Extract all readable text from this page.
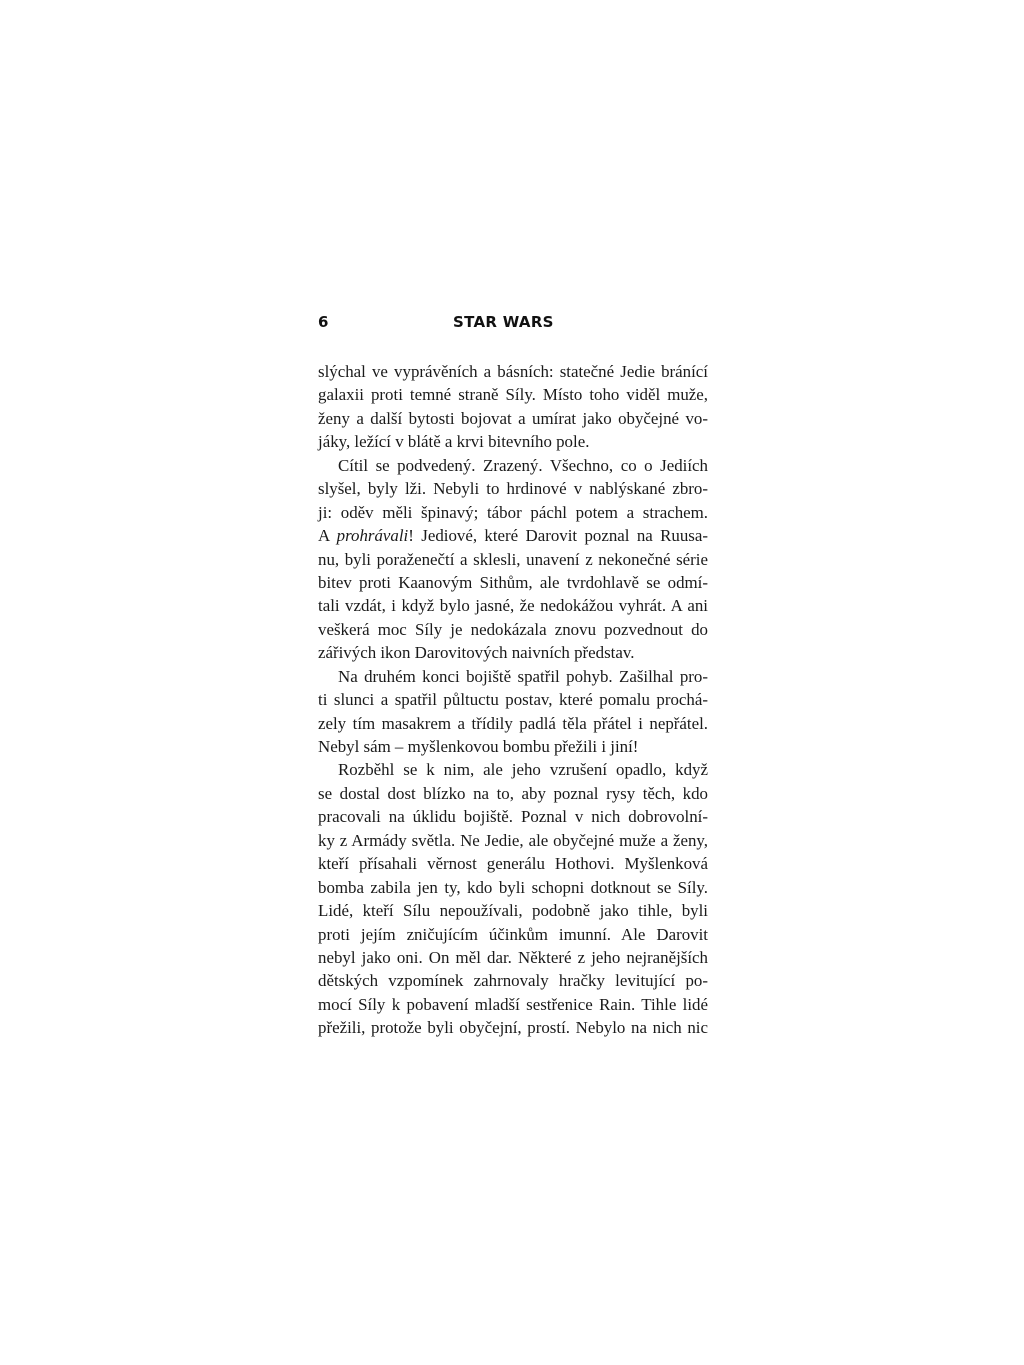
6	STAR WARS
slýchal ve vyprávěních a básních: statečné Jedie bránící
galaxii proti temné straně Síly. Místo toho viděl muže,
ženy a další bytosti bojovat a umírat jako obyčejné vo-
jáky, ležící v blátě a krvi bitevního pole.
Cítil se podvedený. Zrazený. Všechno, co o Jediích
slyšel, byly lži. Nebyli to hrdinové v nablýskané zbro-
ji: oděv měli špinavý; tábor páchl potem a strachem.
A prohrávali! Jediové, které Darovit poznal na Ruusa-
nu, byli poraženečtí a sklesli, unavení z nekonečné série
bitev proti Kaanovým Sithům, ale tvrdohlavě se odmí-
tali vzdát, i když bylo jasné, že nedokážou vyhrát. A ani
veškerá moc Síly je nedokázala znovu pozvednout do
zářivých ikon Darovitových naivních představ.
Na druhém konci bojiště spatřil pohyb. Zašilhal pro-
ti slunci a spatřil půltuctu postav, které pomalu prochá-
zely tím masakrem a třídily padlá těla přátel i nepřátel.
Nebyl sám – myšlenkovou bombu přežili i jiní!
Rozběhl se k nim, ale jeho vzrušení opadlo, když
se dostal dost blízko na to, aby poznal rysy těch, kdo
pracovali na úklidu bojiště. Poznal v nich dobrovolní-
ky z Armády světla. Ne Jedie, ale obyčejné muže a ženy,
kteří přísahali věrnost generálu Hothovi. Myšlenková
bomba zabila jen ty, kdo byli schopni dotknout se Síly.
Lidé, kteří Sílu nepoužívali, podobně jako tihle, byli
proti jejím zničujícím účinkům imunní. Ale Darovit
nebyl jako oni. On měl dar. Některé z jeho nejranějších
dětských vzpomínek zahrnovaly hračky levitující po-
mocí Síly k pobavení mladší sestřenice Rain. Tihle lidé
přežili, protože byli obyčejní, prostí. Nebylo na nich nic
